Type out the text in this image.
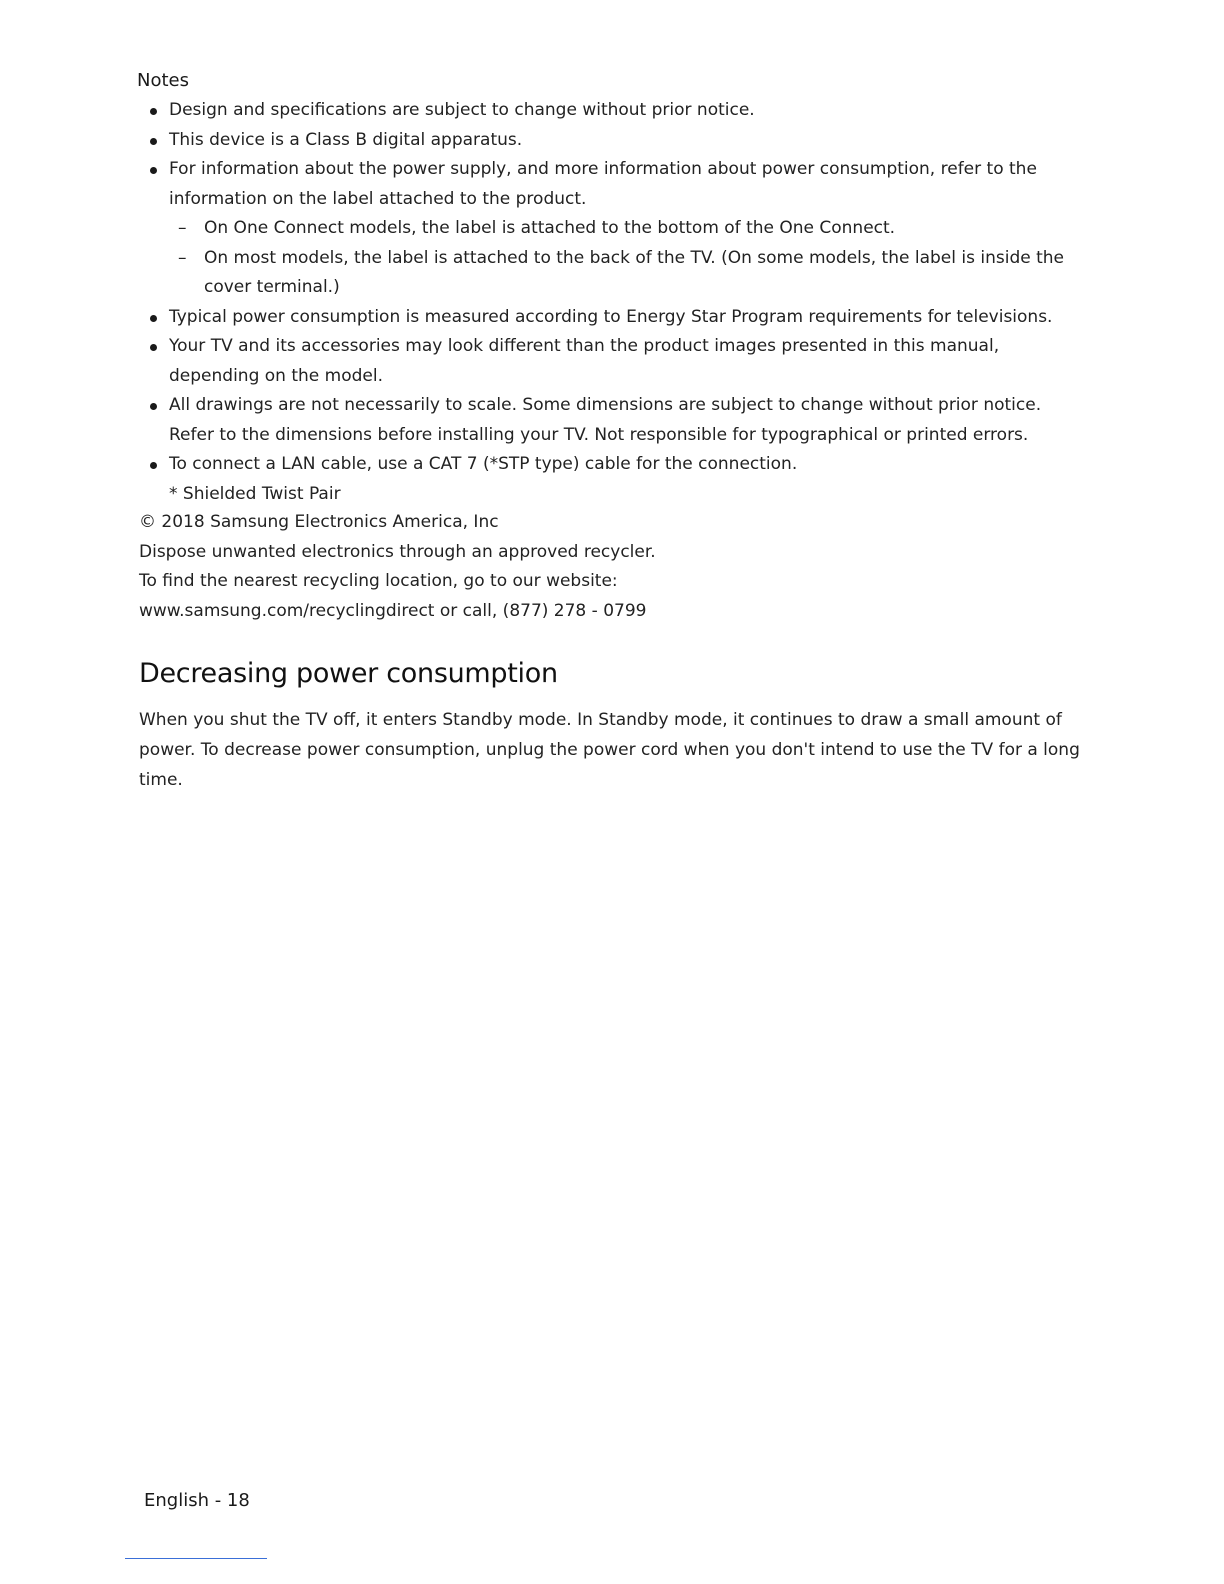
Notes
Design and specifications are subject to change without prior notice.
This device is a Class B digital apparatus.
For information about the power supply, and more information about power consumption, refer to the information on the label attached to the product.
– On One Connect models, the label is attached to the bottom of the One Connect.
– On most models, the label is attached to the back of the TV. (On some models, the label is inside the cover terminal.)
Typical power consumption is measured according to Energy Star Program requirements for televisions.
Your TV and its accessories may look different than the product images presented in this manual, depending on the model.
All drawings are not necessarily to scale. Some dimensions are subject to change without prior notice. Refer to the dimensions before installing your TV. Not responsible for typographical or printed errors.
To connect a LAN cable, use a CAT 7 (*STP type) cable for the connection.
* Shielded Twist Pair
© 2018 Samsung Electronics America, Inc
Dispose unwanted electronics through an approved recycler.
To find the nearest recycling location, go to our website:
www.samsung.com/recyclingdirect or call, (877) 278 - 0799
Decreasing power consumption

When you shut the TV off, it enters Standby mode. In Standby mode, it continues to draw a small amount of power. To decrease power consumption, unplug the power cord when you don't intend to use the TV for a long time.

English - 18
